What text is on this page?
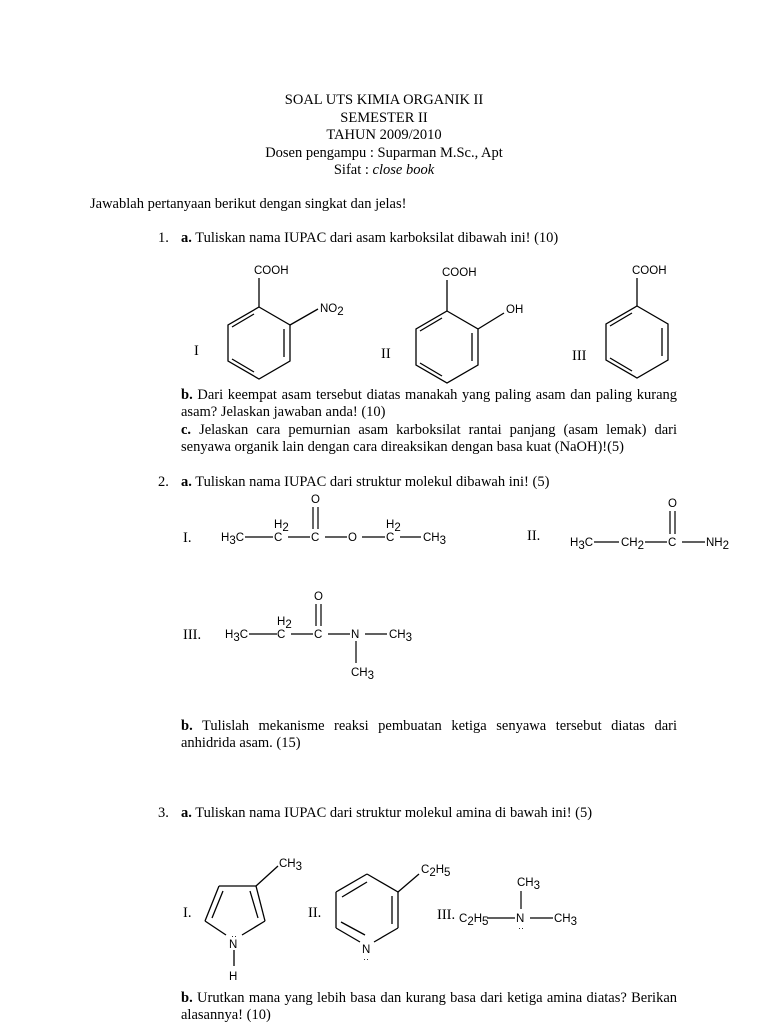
SOAL UTS KIMIA ORGANIK II
SEMESTER II
TAHUN 2009/2010
Dosen pengampu : Suparman M.Sc., Apt
Sifat : close book
Jawablah pertanyaan berikut dengan singkat dan jelas!
1. a. Tuliskan nama IUPAC dari asam karboksilat dibawah ini! (10)
I	II	III
COOH
NO2
COOH
OH
COOH
b. Dari keempat asam tersebut diatas manakah yang paling asam dan paling kurang asam? Jelaskan jawaban anda! (10)
c. Jelaskan cara pemurnian asam karboksilat rantai panjang (asam lemak) dari senyawa organik lain dengan cara direaksikan dengan basa kuat (NaOH)!(5)
2. a. Tuliskan nama IUPAC dari struktur molekul dibawah ini! (5)
I.	II.
III.
H3C	C
H2
C
O
O	C
H2
CH3	H3C CH2 C
O
NH2
H3C	C
H2
C
O
N	CH3
CH3
b. Tulislah mekanisme reaksi pembuatan ketiga senyawa tersebut diatas dari anhidrida asam. (15)
3. a. Tuliskan nama IUPAC dari struktur molekul amina di bawah ini! (5)
I.	II.	III.
N
··
H
CH3
N
··
C2H5
C2H5 N
··
CH3
CH3
b. Urutkan mana yang lebih basa dan kurang basa dari ketiga amina diatas? Berikan alasannya! (10)
